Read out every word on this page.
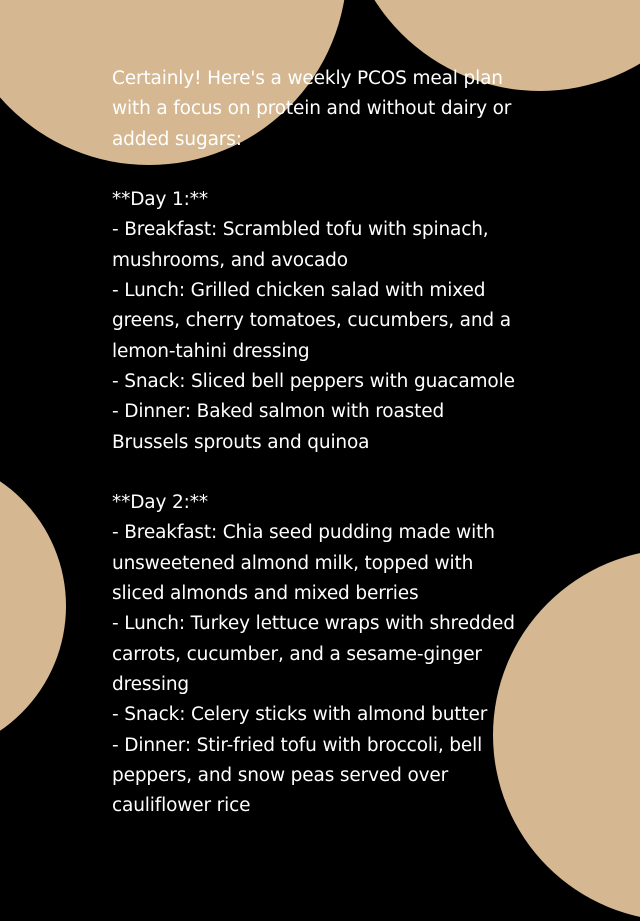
Certainly! Here's a weekly PCOS meal plan
with a focus on protein and without dairy or
added sugars:
**Day 1:**
- Breakfast: Scrambled tofu with spinach,
mushrooms, and avocado
- Lunch: Grilled chicken salad with mixed
greens, cherry tomatoes, cucumbers, and a
lemon-tahini dressing
- Snack: Sliced bell peppers with guacamole
- Dinner: Baked salmon with roasted
Brussels sprouts and quinoa
**Day 2:**
- Breakfast: Chia seed pudding made with
unsweetened almond milk, topped with
sliced almonds and mixed berries
- Lunch: Turkey lettuce wraps with shredded
carrots, cucumber, and a sesame-ginger
dressing
- Snack: Celery sticks with almond butter
- Dinner: Stir-fried tofu with broccoli, bell
peppers, and snow peas served over
cauliflower rice
